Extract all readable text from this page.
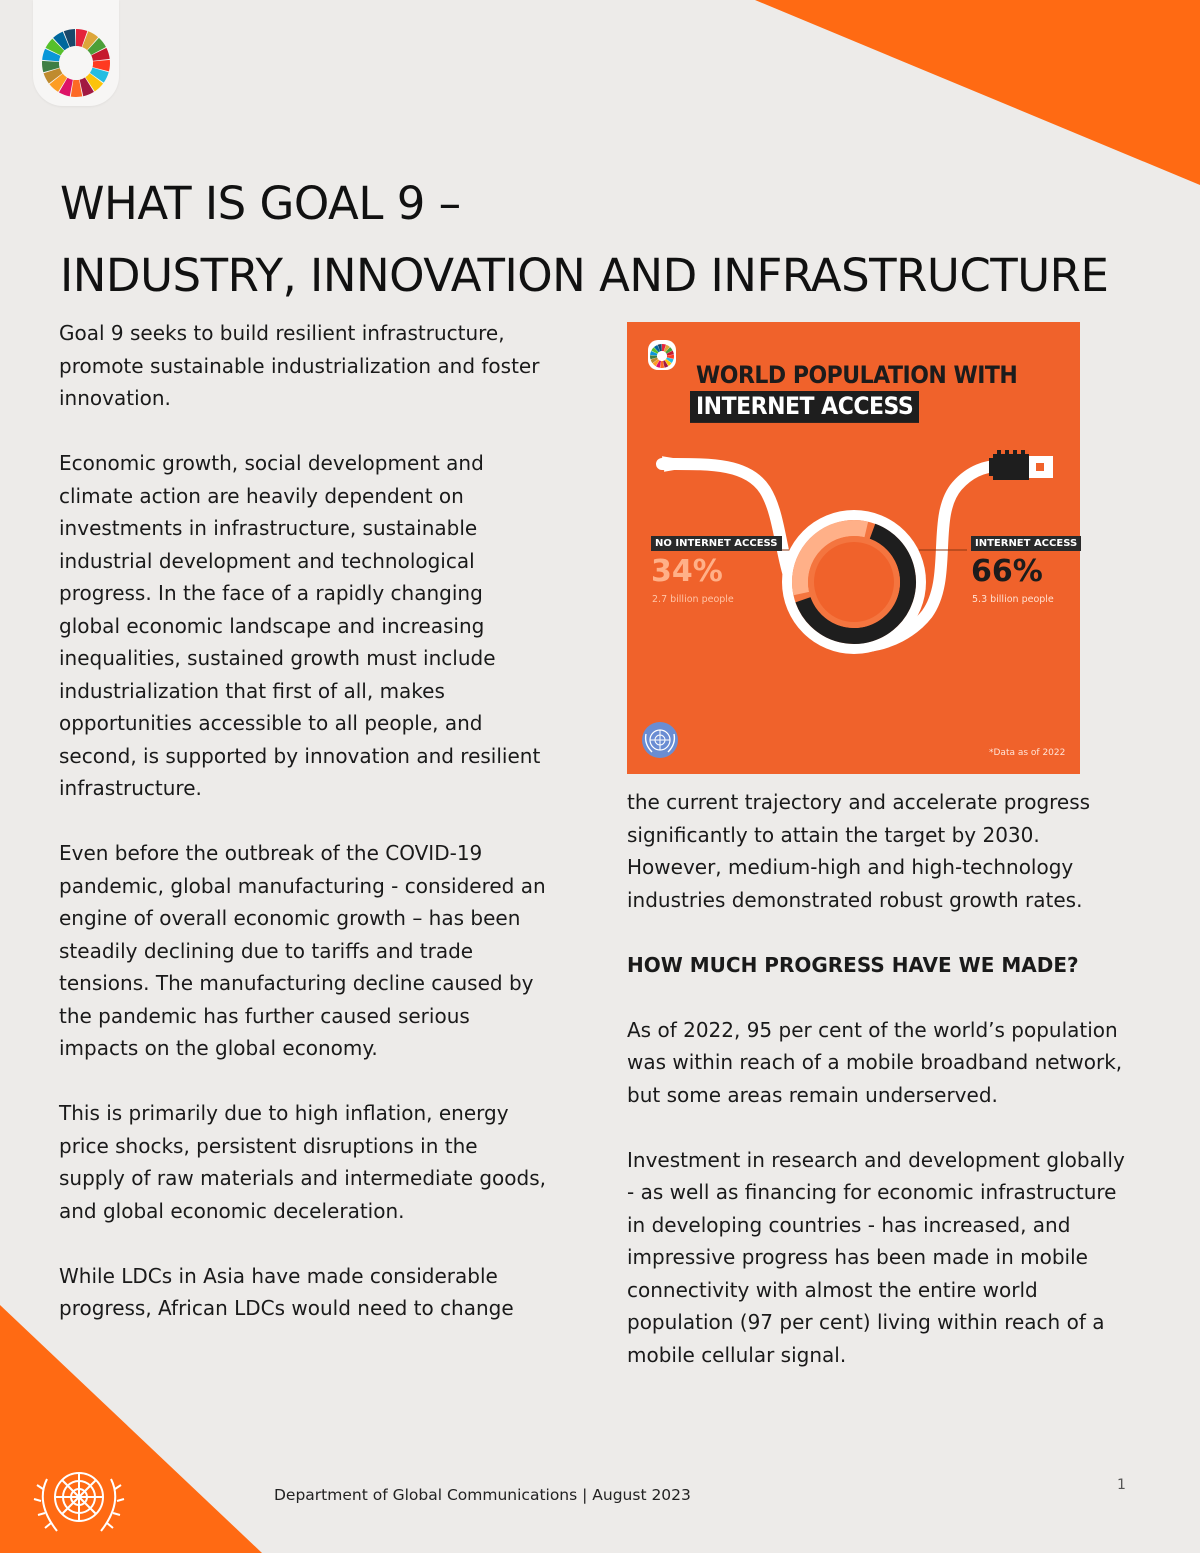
WHAT IS GOAL 9 –
INDUSTRY, INNOVATION AND INFRASTRUCTURE

Goal 9 seeks to build resilient infrastructure, promote sustainable industrialization and foster innovation.

Economic growth, social development and climate action are heavily dependent on investments in infrastructure, sustainable industrial development and technological progress. In the face of a rapidly changing global economic landscape and increasing inequalities, sustained growth must include industrialization that first of all, makes opportunities accessible to all people, and second, is supported by innovation and resilient infrastructure.

Even before the outbreak of the COVID-19 pandemic, global manufacturing - considered an engine of overall economic growth – has been steadily declining due to tariffs and trade tensions. The manufacturing decline caused by the pandemic has further caused serious impacts on the global economy.

This is primarily due to high inflation, energy price shocks, persistent disruptions in the supply of raw materials and intermediate goods, and global economic deceleration.

While LDCs in Asia have made considerable progress, African LDCs would need to change

WORLD POPULATION WITH
INTERNET ACCESS
NO INTERNET ACCESS
34%
2.7 billion people
INTERNET ACCESS
66%
5.3 billion people
*Data as of 2022

the current trajectory and accelerate progress significantly to attain the target by 2030. However, medium-high and high-technology industries demonstrated robust growth rates.

HOW MUCH PROGRESS HAVE WE MADE?

As of 2022, 95 per cent of the world’s population was within reach of a mobile broadband network, but some areas remain underserved.

Investment in research and development globally - as well as financing for economic infrastructure in developing countries - has increased, and impressive progress has been made in mobile connectivity with almost the entire world population (97 per cent) living within reach of a mobile cellular signal.

Department of Global Communications | August 2023
1
